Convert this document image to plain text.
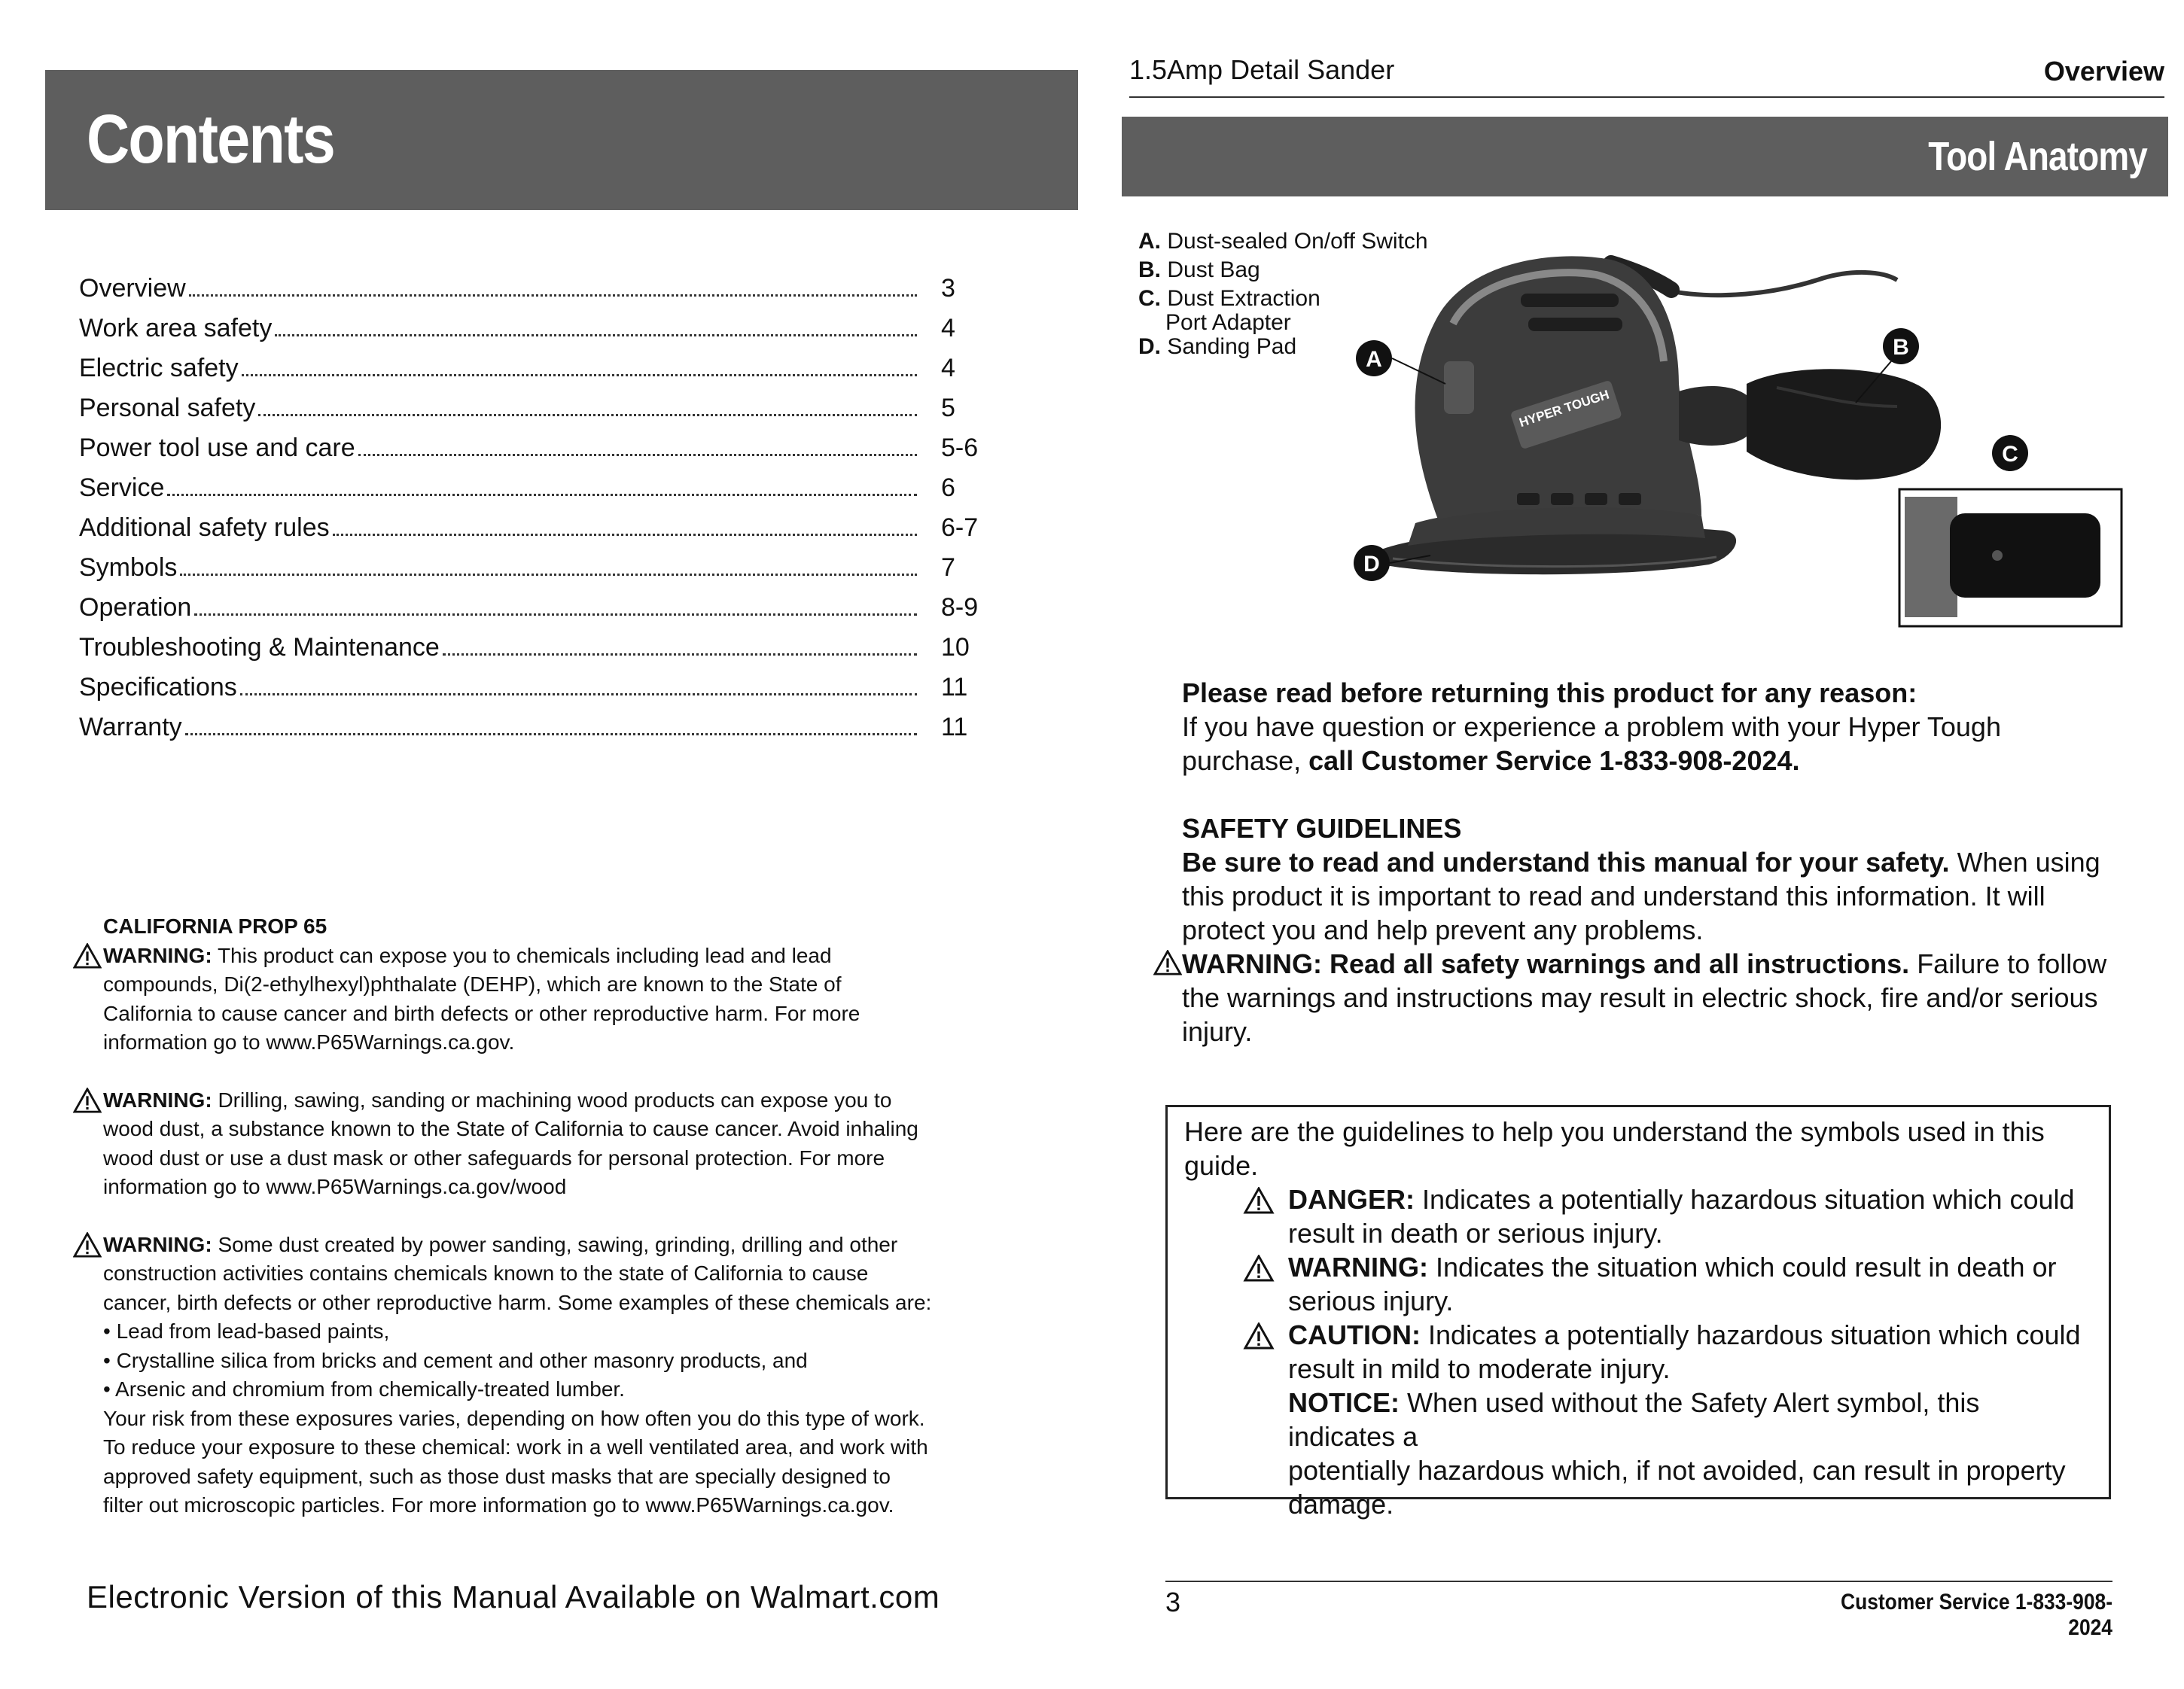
Contents
Overview	3
Work area safety	4
Electric safety	4
Personal safety	5
Power tool use and care	5-6
Service	6
Additional safety rules	6-7
Symbols	7
Operation	8-9
Troubleshooting & Maintenance	10
Specifications	11
Warranty	11
CALIFORNIA PROP 65
WARNING: This product can expose you to chemicals including lead and lead
compounds, Di(2-ethylhexyl)phthalate (DEHP), which are known to the State of
California to cause cancer and birth defects or other reproductive harm. For more
information go to www.P65Warnings.ca.gov.
WARNING: Drilling, sawing, sanding or machining wood products can expose you to
wood dust, a substance known to the State of California to cause cancer. Avoid inhaling
wood dust or use a dust mask or other safeguards for personal protection. For more
information go to www.P65Warnings.ca.gov/wood
WARNING: Some dust created by power sanding, sawing, grinding, drilling and other
construction activities contains chemicals known to the state of California to cause
cancer, birth defects or other reproductive harm. Some examples of these chemicals are:
• Lead from lead-based paints,
• Crystalline silica from bricks and cement and other masonry products, and
• Arsenic and chromium from chemically-treated lumber.
Your risk from these exposures varies, depending on how often you do this type of work.
To reduce your exposure to these chemical: work in a well ventilated area, and work with
approved safety equipment, such as those dust masks that are specially designed to
filter out microscopic particles. For more information go to www.P65Warnings.ca.gov.
Electronic Version of this Manual Available on Walmart.com
1.5Amp Detail Sander	Overview
Tool Anatomy
A. Dust-sealed On/off Switch
B. Dust Bag
C. Dust Extraction
Port Adapter
D. Sanding Pad
HYPER TOUGH
A	B
C
D

Please read before returning this product for any reason:

If you have question or experience a problem with your Hyper Tough

purchase, call Customer Service 1-833-908-2024.

SAFETY GUIDELINES

Be sure to read and understand this manual for your safety. When using

this product it is important to read and understand this information. It will

protect you and help prevent any problems.

WARNING: Read all safety warnings and all instructions. Failure to follow

the warnings and instructions may result in electric shock, fire and/or serious

injury.

Here are the guidelines to help you understand the symbols used in this
guide.
DANGER: Indicates a potentially hazardous situation which could
result in death or serious injury.
WARNING: Indicates the situation which could result in death or
serious injury.
CAUTION: Indicates a potentially hazardous situation which could
result in mild to moderate injury.
NOTICE: When used without the Safety Alert symbol, this indicates a
potentially hazardous which, if not avoided, can result in property
damage.
3	Customer Service 1-833-908-2024
